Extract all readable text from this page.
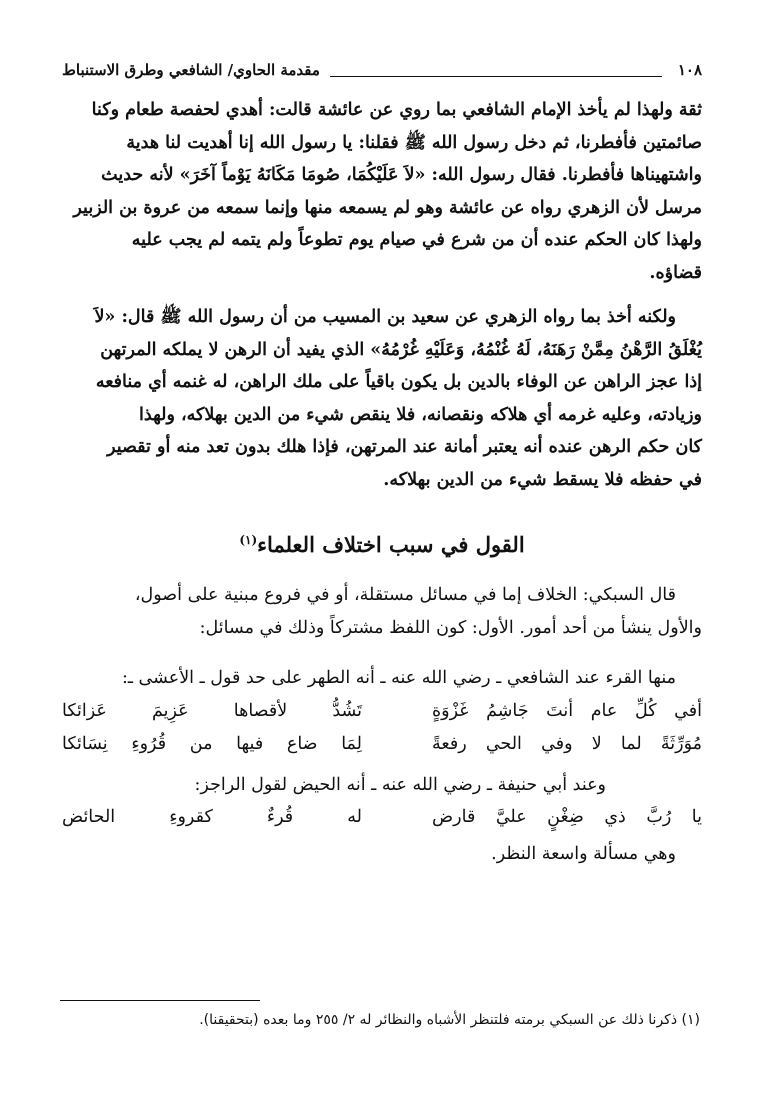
١٠٨
مقدمة الحاوي/ الشافعي وطرق الاستنباط

ثقة ولهذا لم يأخذ الإمام الشافعي بما روي عن عائشة قالت: أهدي لحفصة طعام وكنا

صائمتين فأفطرنا، ثم دخل رسول الله ﷺ فقلنا: يا رسول الله إنا أهديت لنا هدية

واشتهيناها فأفطرنا. فقال رسول الله: «لاَ عَلَيْكُمَا، صُومَا مَكَانَهُ يَوْماً آخَرَ» لأنه حديث

مرسل لأن الزهري رواه عن عائشة وهو لم يسمعه منها وإنما سمعه من عروة بن الزبير

ولهذا كان الحكم عنده أن من شرع في صيام يوم تطوعاً ولم يتمه لم يجب عليه

قضاؤه.

ولكنه أخذ بما رواه الزهري عن سعيد بن المسيب من أن رسول الله ﷺ قال: «لاَ

يُغْلَقُ الرَّهْنُ مِمَّنْ رَهَنَهُ، لَهُ غُنْمُهُ، وَعَلَيْهِ غُرْمُهُ» الذي يفيد أن الرهن لا يملكه المرتهن

إذا عجز الراهن عن الوفاء بالدين بل يكون باقياً على ملك الراهن، له غنمه أي منافعه

وزيادته، وعليه غرمه أي هلاكه ونقصانه، فلا ينقص شيء من الدين بهلاكه، ولهذا

كان حكم الرهن عنده أنه يعتبر أمانة عند المرتهن، فإذا هلك بدون تعد منه أو تقصير

في حفظه فلا يسقط شيء من الدين بهلاكه.

القول في سبب اختلاف العلماء$^{(١)}$

قال السبكي: الخلاف إما في مسائل مستقلة، أو في فروع مبنية على أصول،

والأول ينشأ من أحد أمور. الأول: كون اللفظ مشتركاً وذلك في مسائل:

منها القرء عند الشافعي ـ رضي الله عنه ـ أنه الطهر على حد قول ـ الأعشى ـ:

أفي كُلِّ عام أنتَ جَاشِمُ غَزْوَةٍ
تَشُدُّ لأقصاها عَزِيمَ عَزائكا
مُوَرِّثَةً لما لا وفي الحي رفعةً
لِمَا ضاع فيها من قُرُوءِ نِسَائكا

وعند أبي حنيفة ـ رضي الله عنه ـ أنه الحيض لقول الراجز:

يا رُبَّ ذي ضِغْنٍ عليَّ قارض
له قُرءٌ كقروءِ الحائض

وهي مسألة واسعة النظر.

(١) ذكرنا ذلك عن السبكي برمته فلتنظر الأشباه والنظائر له ٢/ ٢٥٥ وما بعده (بتحقيقنا).
